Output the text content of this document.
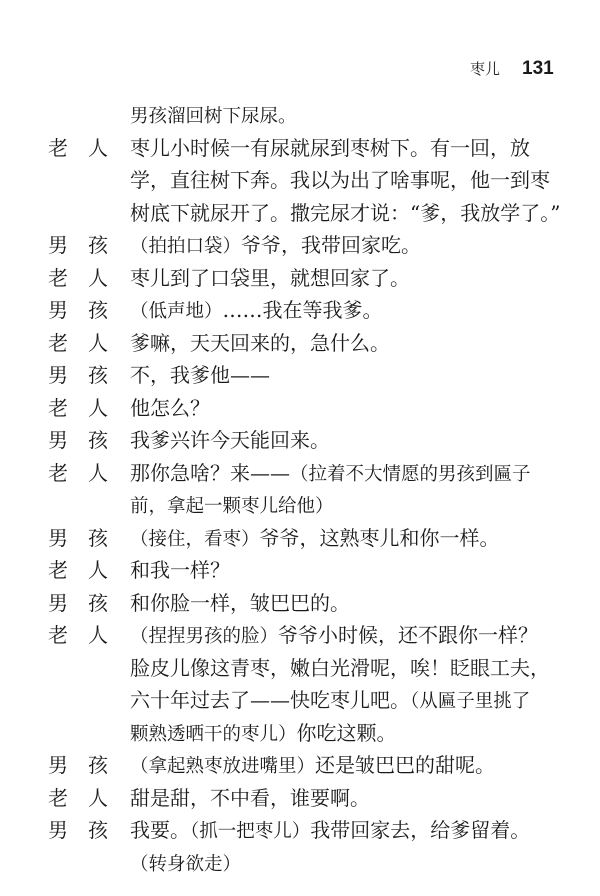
枣儿 131
男孩溜回树下尿尿。
老 人 枣儿小时候一有尿就尿到枣树下。有一回，放
学，直往树下奔。我以为出了啥事呢，他一到枣
树底下就尿开了。撒完尿才说：“爹，我放学了。”
男 孩 （拍拍口袋）爷爷，我带回家吃。
老 人 枣儿到了口袋里，就想回家了。
男 孩 （低声地）……我在等我爹。
老 人 爹嘛，天天回来的，急什么。
男 孩 不，我爹他——
老 人 他怎么？
男 孩 我爹兴许今天能回来。
老 人 那你急啥？来——（拉着不大情愿的男孩到匾子
前，拿起一颗枣儿给他）
男 孩 （接住，看枣）爷爷，这熟枣儿和你一样。
老 人 和我一样？
男 孩 和你脸一样，皱巴巴的。
老 人 （捏捏男孩的脸）爷爷小时候，还不跟你一样？
脸皮儿像这青枣，嫩白光滑呢，唉！眨眼工夫，
六十年过去了——快吃枣儿吧。（从匾子里挑了
颗熟透晒干的枣儿）你吃这颗。
男 孩 （拿起熟枣放进嘴里）还是皱巴巴的甜呢。
老 人 甜是甜，不中看，谁要啊。
男 孩 我要。（抓一把枣儿）我带回家去，给爹留着。
（转身欲走）
